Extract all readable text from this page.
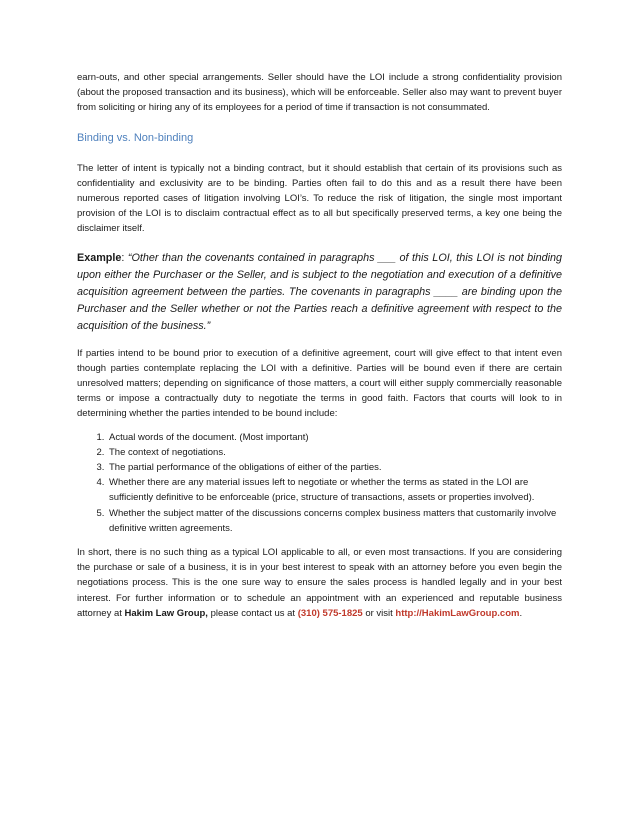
earn-outs, and other special arrangements. Seller should have the LOI include a strong confidentiality provision (about the proposed transaction and its business), which will be enforceable. Seller also may want to prevent buyer from soliciting or hiring any of its employees for a period of time if transaction is not consummated.

Binding vs. Non-binding

The letter of intent is typically not a binding contract, but it should establish that certain of its provisions such as confidentiality and exclusivity are to be binding. Parties often fail to do this and as a result there have been numerous reported cases of litigation involving LOI’s. To reduce the risk of litigation, the single most important provision of the LOI is to disclaim contractual effect as to all but specifically preserved terms, a key one being the disclaimer itself.

Example: “Other than the covenants contained in paragraphs ___ of this LOI, this LOI is not binding upon either the Purchaser or the Seller, and is subject to the negotiation and execution of a definitive acquisition agreement between the parties. The covenants in paragraphs ____ are binding upon the Purchaser and the Seller whether or not the Parties reach a definitive agreement with respect to the acquisition of the business.”

If parties intend to be bound prior to execution of a definitive agreement, court will give effect to that intent even though parties contemplate replacing the LOI with a definitive. Parties will be bound even if there are certain unresolved matters; depending on significance of those matters, a court will either supply commercially reasonable terms or impose a contractually duty to negotiate the terms in good faith. Factors that courts will look to in determining whether the parties intended to be bound include:

1. Actual words of the document. (Most important)
2. The context of negotiations.
3. The partial performance of the obligations of either of the parties.
4. Whether there are any material issues left to negotiate or whether the terms as stated in the LOI are sufficiently definitive to be enforceable (price, structure of transactions, assets or properties involved).
5. Whether the subject matter of the discussions concerns complex business matters that customarily involve definitive written agreements.

In short, there is no such thing as a typical LOI applicable to all, or even most transactions. If you are considering the purchase or sale of a business, it is in your best interest to speak with an attorney before you even begin the negotiations process. This is the one sure way to ensure the sales process is handled legally and in your best interest. For further information or to schedule an appointment with an experienced and reputable business attorney at Hakim Law Group, please contact us at (310) 575-1825 or visit http://HakimLawGroup.com.
